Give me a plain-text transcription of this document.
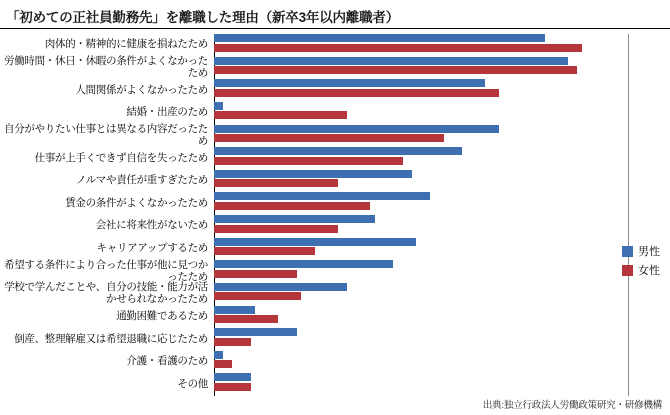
「初めての正社員勤務先」を離職した理由（新卒3年以内離職者）
肉体的・精神的に健康を損ねたため
労働時間・休日・休暇の条件がよくなかったため
人間関係がよくなかったため
結婚・出産のため
自分がやりたい仕事とは異なる内容だったため
仕事が上手くできず自信を失ったため
ノルマや責任が重すぎたため
賃金の条件がよくなかったため
会社に将来性がないため
キャリアアップするため
希望する条件により合った仕事が他に見つかったため
学校で学んだことや、自分の技能・能力が活かせられなかったため
通勤困難であるため
倒産、整理解雇又は希望退職に応じたため
介護・看護のため
その他
男性
女性
出典:独立行政法人労働政策研究・研修機構
